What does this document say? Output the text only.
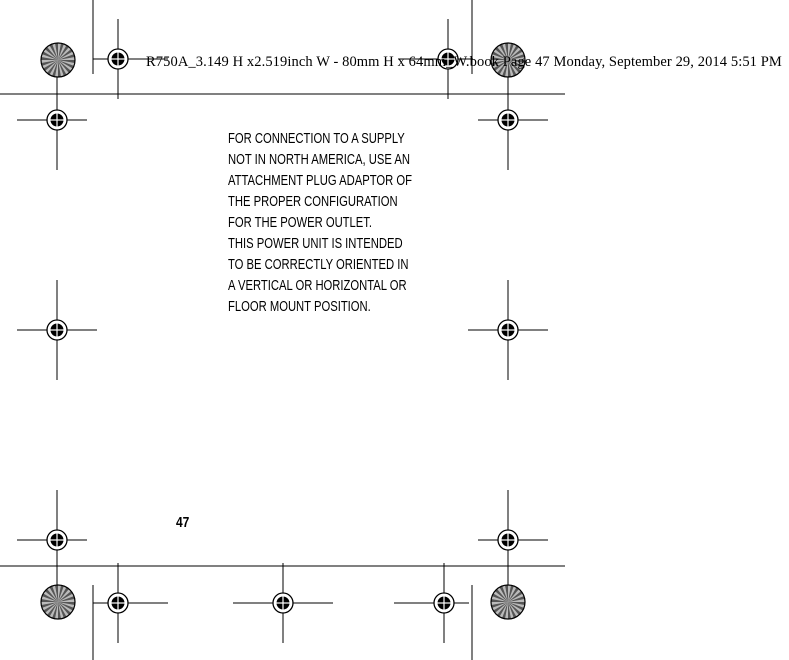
R750A_3.149 H x2.519inch W - 80mm H x 64mm_W.book Page 47 Monday, September 29, 2014 5:51 PM

FOR CONNECTION TO A SUPPLY
NOT IN NORTH AMERICA, USE AN
ATTACHMENT PLUG ADAPTOR OF
THE PROPER CONFIGURATION
FOR THE POWER OUTLET.

THIS POWER UNIT IS INTENDED
TO BE CORRECTLY ORIENTED IN
A VERTICAL OR HORIZONTAL OR
FLOOR MOUNT POSITION.

47
